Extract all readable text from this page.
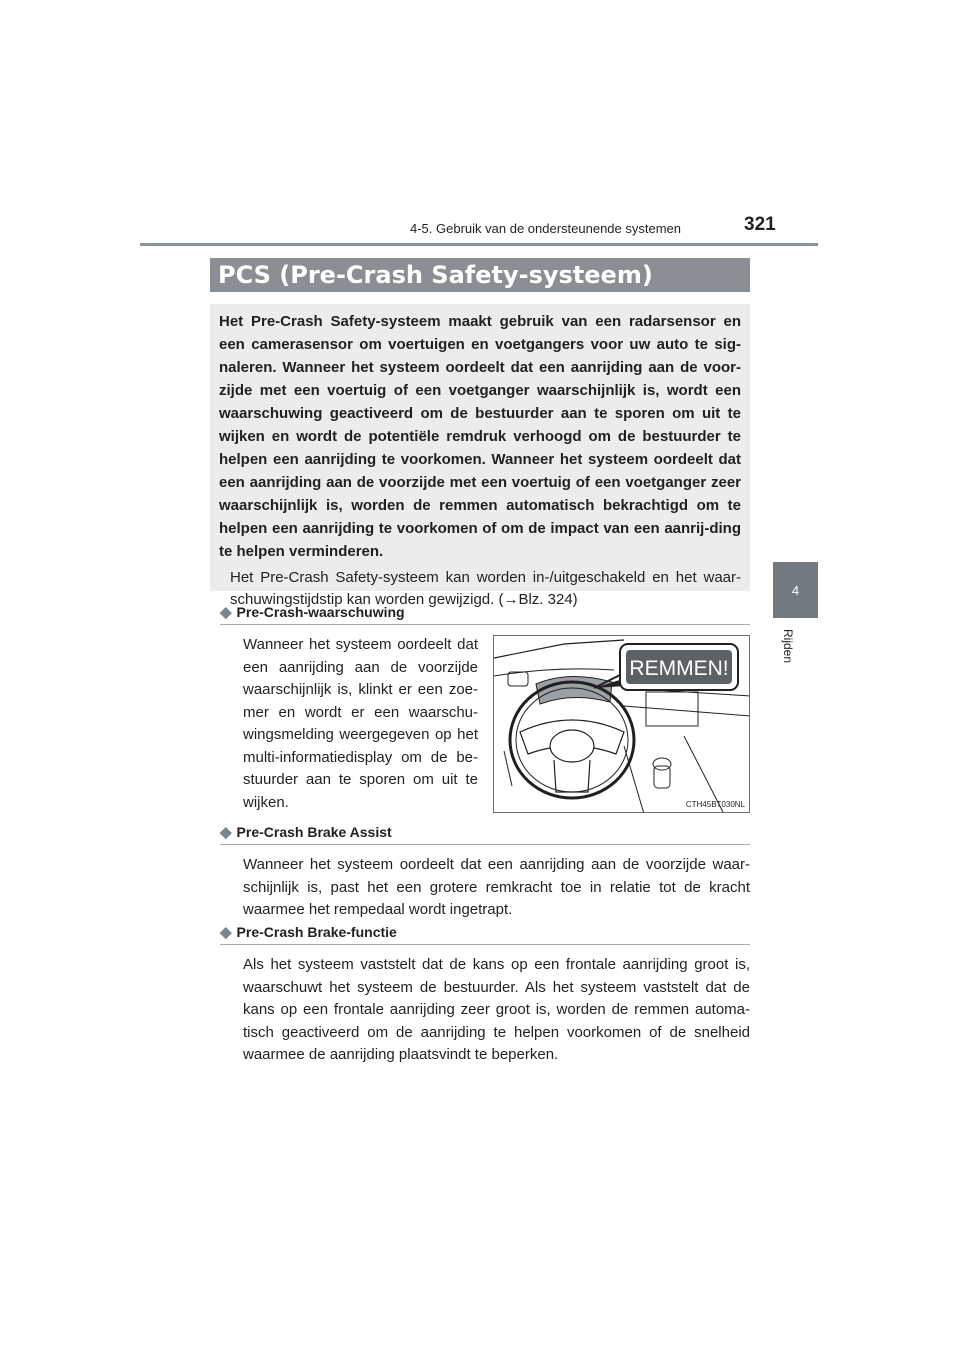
4-5. Gebruik van de ondersteunende systemen	321
4
Rijden
PCS (Pre-Crash Safety-systeem)
Het Pre-Crash Safety-systeem maakt gebruik van een radarsensor en een camerasensor om voertuigen en voetgangers voor uw auto te sig-naleren. Wanneer het systeem oordeelt dat een aanrijding aan de voor-zijde met een voertuig of een voetganger waarschijnlijk is, wordt een waarschuwing geactiveerd om de bestuurder aan te sporen om uit te wijken en wordt de potentiële remdruk verhoogd om de bestuurder te helpen een aanrijding te voorkomen. Wanneer het systeem oordeelt dat een aanrijding aan de voorzijde met een voertuig of een voetganger zeer waarschijnlijk is, worden de remmen automatisch bekrachtigd om te helpen een aanrijding te voorkomen of om de impact van een aanrij-ding te helpen verminderen.
Het Pre-Crash Safety-systeem kan worden in-/uitgeschakeld en het waar-schuwingstijdstip kan worden gewijzigd. (→Blz. 324)
◆ Pre-Crash-waarschuwing
Wanneer het systeem oordeelt dat een aanrijding aan de voorzijde waarschijnlijk is, klinkt er een zoe-mer en wordt er een waarschu-wingsmelding weergegeven op het multi-informatiedisplay om de be-stuurder aan te sporen om uit te wijken.
REMMEN!
CTH45BT030NL
◆ Pre-Crash Brake Assist
Wanneer het systeem oordeelt dat een aanrijding aan de voorzijde waar-schijnlijk is, past het een grotere remkracht toe in relatie tot de kracht waarmee het rempedaal wordt ingetrapt.
◆ Pre-Crash Brake-functie
Als het systeem vaststelt dat de kans op een frontale aanrijding groot is, waarschuwt het systeem de bestuurder. Als het systeem vaststelt dat de kans op een frontale aanrijding zeer groot is, worden de remmen automa-tisch geactiveerd om de aanrijding te helpen voorkomen of de snelheid waarmee de aanrijding plaatsvindt te beperken.
